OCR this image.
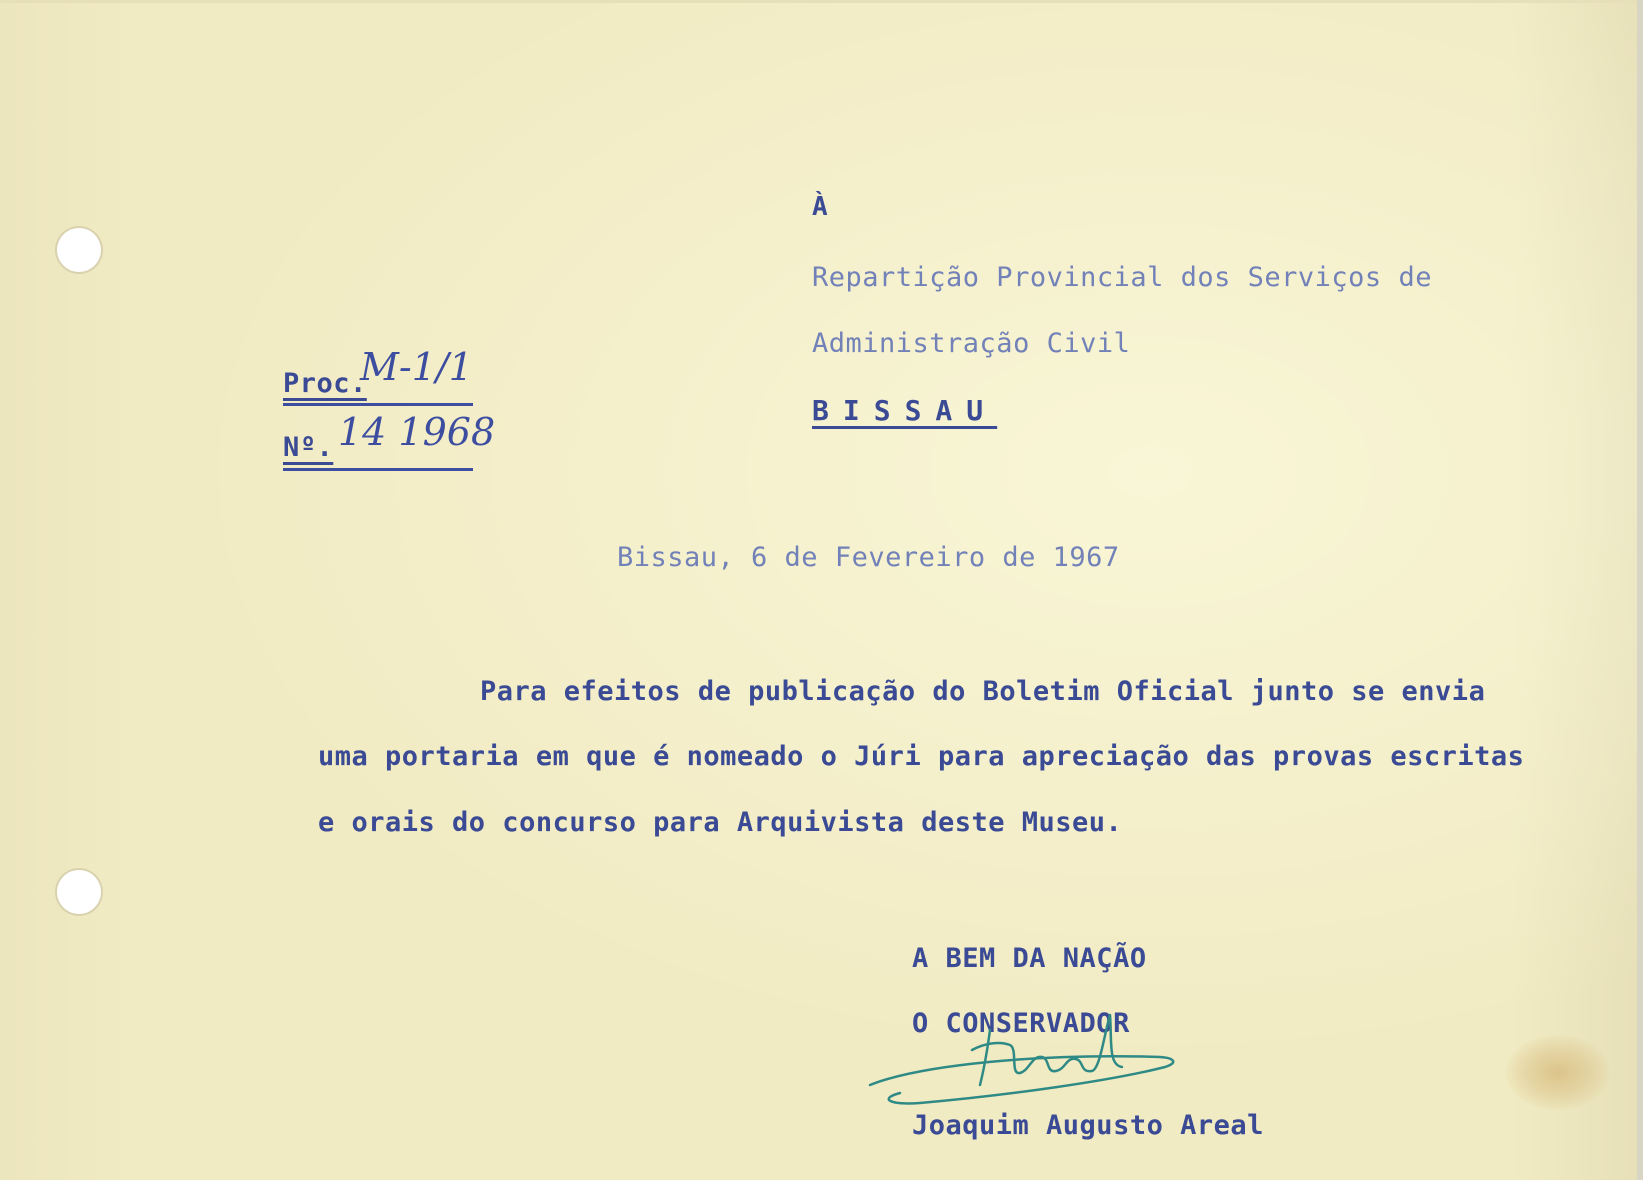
À

Repartição Provincial dos Serviços de

Administração Civil

BISSAU

Proc.

M-1/1

Nº. 14 1968

Bissau, 6 de Fevereiro de 1967

Para efeitos de publicação do Boletim Oficial junto se envia

uma portaria em que é nomeado o Júri para apreciação das provas escritas

e orais do concurso para Arquivista deste Museu.

A BEM DA NAÇÃO

O CONSERVADOR

Joaquim Augusto Areal
